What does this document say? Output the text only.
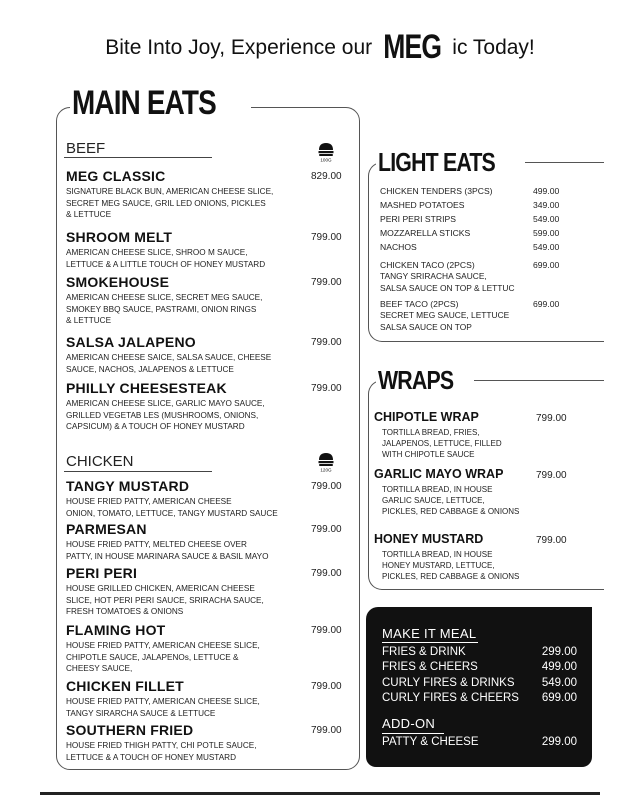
Bite Into Joy, Experience our MEG ic Today!
MAIN EATS
BEEF
100G
MEG CLASSIC
SIGNATURE BLACK BUN, AMERICAN CHEESE SLICE,
SECRET MEG SAUCE, GRIL LED ONIONS, PICKLES
& LETTUCE
829.00
SHROOM MELT
AMERICAN CHEESE SLICE, SHROO M SAUCE,
LETTUCE & A LITTLE TOUCH OF HONEY MUSTARD
799.00
SMOKEHOUSE
AMERICAN CHEESE SLICE, SECRET MEG SAUCE,
SMOKEY BBQ SAUCE, PASTRAMI, ONION RINGS
& LETTUCE
799.00
SALSA JALAPENO
AMERICAN CHEESE SAICE, SALSA SAUCE, CHEESE
SAUCE, NACHOS, JALAPENOS & LETTUCE
799.00
PHILLY CHEESESTEAK
AMERICAN CHEESE SLICE, GARLIC MAYO SAUCE,
GRILLED VEGETAB LES (MUSHROOMS, ONIONS,
CAPSICUM) & A TOUCH OF HONEY MUSTARD
799.00
CHICKEN	120G
TANGY MUSTARD
HOUSE FRIED PATTY, AMERICAN CHEESE
ONION, TOMATO, LETTUCE, TANGY MUSTARD SAUCE
799.00
PARMESAN
HOUSE FRIED PATTY, MELTED CHEESE OVER
PATTY, IN HOUSE MARINARA SAUCE & BASIL MAYO
799.00
PERI PERI
HOUSE GRILLED CHICKEN, AMERICAN CHEESE
SLICE, HOT PERI PERI SAUCE, SRIRACHA SAUCE,
FRESH TOMATOES & ONIONS
799.00
FLAMING HOT
HOUSE FRIED PATTY, AMERICAN CHEESE SLICE,
CHIPOTLE SAUCE, JALAPENOs, LETTUCE &
CHEESY SAUCE,
799.00
CHICKEN FILLET
HOUSE FRIED PATTY, AMERICAN CHEESE SLICE,
TANGY SIRARCHA SAUCE & LETTUCE
799.00
SOUTHERN FRIED
HOUSE FRIED THIGH PATTY, CHI POTLE SAUCE,
LETTUCE & A TOUCH OF HONEY MUSTARD
799.00
LIGHT EATS
CHICKEN TENDERS (3PCS)	499.00
MASHED POTATOES	349.00
PERI PERI STRIPS	549.00
MOZZARELLA STICKS	599.00
NACHOS	549.00
CHICKEN TACO (2PCS)	699.00
TANGY SRIRACHA SAUCE,
SALSA SAUCE ON TOP & LETTUC
BEEF TACO (2PCS)	699.00
SECRET MEG SAUCE, LETTUCE
SALSA SAUCE ON TOP
WRAPS
CHIPOTLE WRAP
TORTILLA BREAD, FRIES,
JALAPENOS, LETTUCE, FILLED
WITH CHIPOTLE SAUCE
799.00
GARLIC MAYO WRAP
TORTILLA BREAD, IN HOUSE
GARLIC SAUCE, LETTUCE,
PICKLES, RED CABBAGE & ONIONS
799.00
HONEY MUSTARD
TORTILLA BREAD, IN HOUSE
HONEY MUSTARD, LETTUCE,
PICKLES, RED CABBAGE & ONIONS
799.00
MAKE IT MEAL
FRIES & DRINK	299.00
FRIES & CHEERS	499.00
CURLY FIRES & DRINKS	549.00
CURLY FIRES & CHEERS	699.00
ADD-ON
PATTY & CHEESE	299.00
